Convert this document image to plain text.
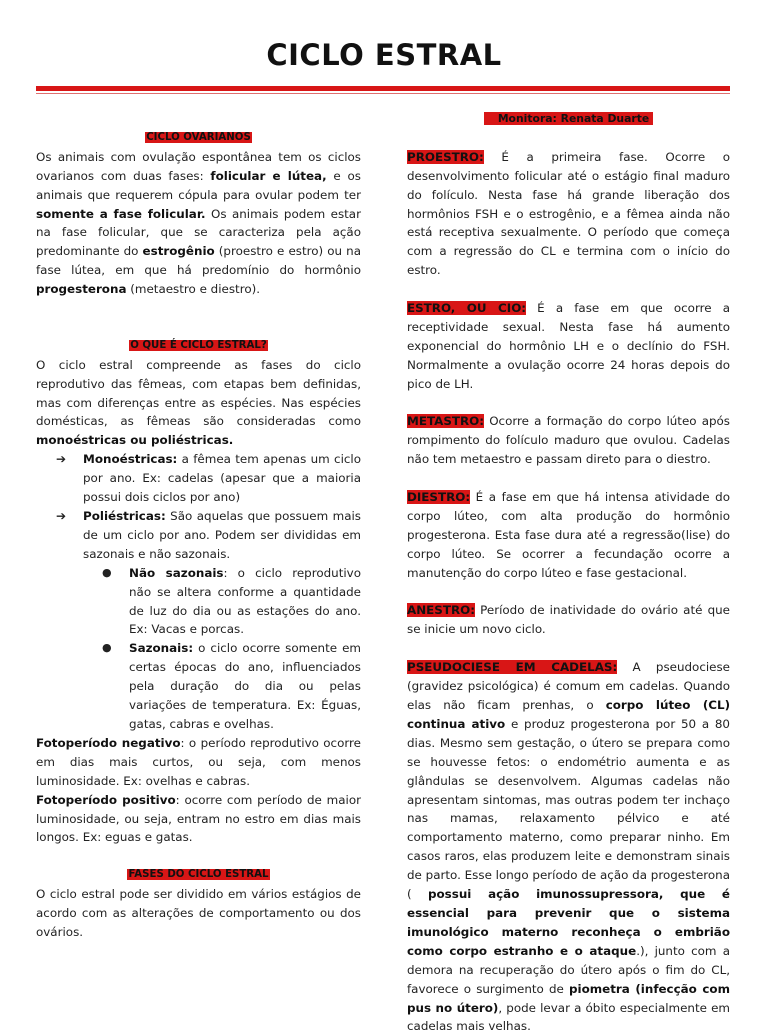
CICLO ESTRAL

CICLO OVARIANOS

Os animais com ovulação espontânea tem os ciclos ovarianos com duas fases: folicular e lútea, e os animais que requerem cópula para ovular podem ter somente a fase folicular. Os animais podem estar na fase folicular, que se caracteriza pela ação predominante do estrogênio (proestro e estro) ou na fase lútea, em que há predomínio do hormônio progesterona (metaestro e diestro).

O QUE É CICLO ESTRAL?

O ciclo estral compreende as fases do ciclo reprodutivo das fêmeas, com etapas bem definidas, mas com diferenças entre as espécies. Nas espécies domésticas, as fêmeas são consideradas como monoéstricas ou poliéstricas.

➔ Monoéstricas: a fêmea tem apenas um ciclo por ano. Ex: cadelas (apesar que a maioria possui dois ciclos por ano)

➔ Poliéstricas: São aquelas que possuem mais de um ciclo por ano. Podem ser divididas em sazonais e não sazonais.

● Não sazonais: o ciclo reprodutivo não se altera conforme a quantidade de luz do dia ou as estações do ano. Ex: Vacas e porcas.

● Sazonais: o ciclo ocorre somente em certas épocas do ano, influenciados pela duração do dia ou pelas variações de temperatura. Ex: Éguas, gatas, cabras e ovelhas.

Fotoperíodo negativo: o período reprodutivo ocorre em dias mais curtos, ou seja, com menos luminosidade. Ex: ovelhas e cabras.

Fotoperíodo positivo: ocorre com período de maior luminosidade, ou seja, entram no estro em dias mais longos. Ex: eguas e gatas.

FASES DO CICLO ESTRAL

O ciclo estral pode ser dividido em vários estágios de acordo com as alterações de comportamento ou dos ovários.

Monitora: Renata Duarte

PROESTRO: É a primeira fase. Ocorre o desenvolvimento folicular até o estágio final maduro do folículo. Nesta fase há grande liberação dos hormônios FSH e o estrogênio, e a fêmea ainda não está receptiva sexualmente. O período que começa com a regressão do CL e termina com o início do estro.

ESTRO, OU CIO: É a fase em que ocorre a receptividade sexual. Nesta fase há aumento exponencial do hormônio LH e o declínio do FSH. Normalmente a ovulação ocorre 24 horas depois do pico de LH.

METASTRO: Ocorre a formação do corpo lúteo após rompimento do folículo maduro que ovulou. Cadelas não tem metaestro e passam direto para o diestro.

DIESTRO: É a fase em que há intensa atividade do corpo lúteo, com alta produção do hormônio progesterona. Esta fase dura até a regressão(lise) do corpo lúteo. Se ocorrer a fecundação ocorre a manutenção do corpo lúteo e fase gestacional.

ANESTRO: Período de inatividade do ovário até que se inicie um novo ciclo.

PSEUDOCIESE EM CADELAS: A pseudociese (gravidez psicológica) é comum em cadelas. Quando elas não ficam prenhas, o corpo lúteo (CL) continua ativo e produz progesterona por 50 a 80 dias. Mesmo sem gestação, o útero se prepara como se houvesse fetos: o endométrio aumenta e as glândulas se desenvolvem. Algumas cadelas não apresentam sintomas, mas outras podem ter inchaço nas mamas, relaxamento pélvico e até comportamento materno, como preparar ninho. Em casos raros, elas produzem leite e demonstram sinais de parto. Esse longo período de ação da progesterona ( possui ação imunossupressora, que é essencial para prevenir que o sistema imunológico materno reconheça o embrião como corpo estranho e o ataque.), junto com a demora na recuperação do útero após o fim do CL, favorece o surgimento de piometra (infecção com pus no útero), pode levar a óbito especialmente em cadelas mais velhas.
